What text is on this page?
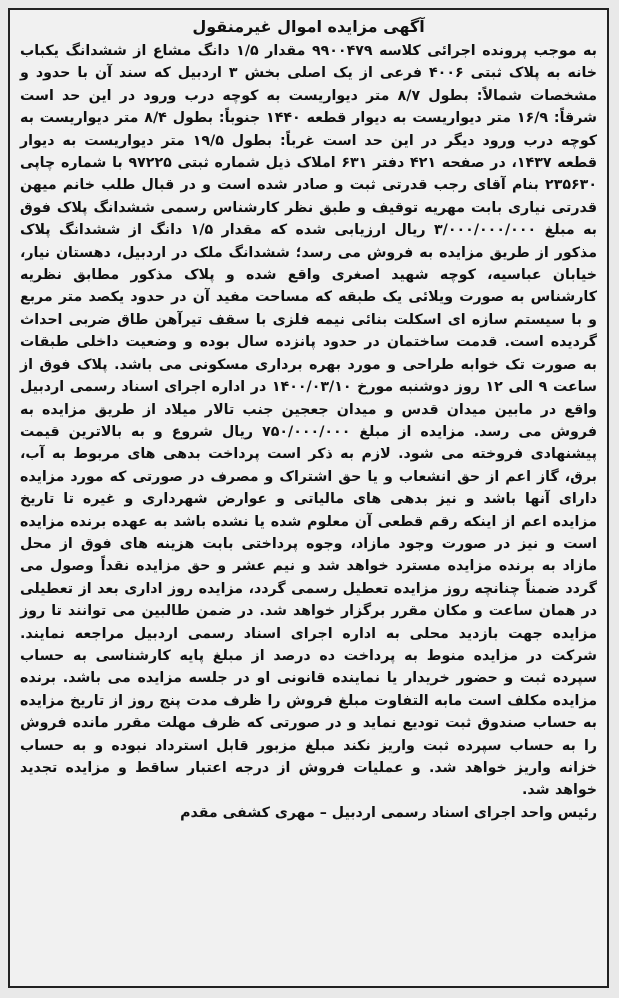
آگهی مزایده اموال غیرمنقول

به موجب پرونده اجرائی کلاسه ۹۹۰۰۴۷۹ مقدار ۱/۵ دانگ مشاع از ششدانگ یکباب خانه به پلاک ثبتی ۴۰۰۶ فرعی از یک اصلی بخش ۳ اردبیل که سند آن با حدود و مشخصات شمالاً: بطول ۸/۷ متر دیواریست به کوچه درب ورود در این حد است شرقاً: ۱۶/۹ متر دیواریست به دیوار قطعه ۱۴۴۰ جنوباً: بطول ۸/۴ متر دیواریست به کوچه درب ورود دیگر در این حد است غرباً: بطول ۱۹/۵ متر دیواریست به دیوار قطعه ۱۴۳۷، در صفحه ۴۲۱ دفتر ۶۳۱ املاک ذیل شماره ثبتی ۹۷۲۲۵ با شماره چاپی ۲۳۵۶۳۰ بنام آقای رجب قدرتی ثبت و صادر شده است و در قبال طلب خانم میهن قدرتی نیاری بابت مهریه توقیف و طبق نظر کارشناس رسمی ششدانگ پلاک فوق به مبلغ ۳/۰۰۰/۰۰۰/۰۰۰ ریال ارزیابی شده که مقدار ۱/۵ دانگ از ششدانگ پلاک مذکور از طریق مزایده به فروش می رسد؛ ششدانگ ملک در اردبیل، دهستان نیار، خیابان عباسیه، کوچه شهید اصغری واقع شده و پلاک مذکور مطابق نظریه کارشناس به صورت ویلائی یک طبقه که مساحت مفید آن در حدود یکصد متر مربع و با سیستم سازه ای اسکلت بنائی نیمه فلزی با سقف تیرآهن طاق ضربی احداث گردیده است. قدمت ساختمان در حدود پانزده سال بوده و وضعیت داخلی طبقات به صورت تک خوابه طراحی و مورد بهره برداری مسکونی می باشد. پلاک فوق از ساعت ۹ الی ۱۲ روز دوشنبه مورخ ۱۴۰۰/۰۳/۱۰ در اداره اجرای اسناد رسمی اردبیل واقع در مابین میدان قدس و میدان جعجین جنب تالار میلاد از طریق مزایده به فروش می رسد. مزایده از مبلغ ۷۵۰/۰۰۰/۰۰۰ ریال شروع و به بالاترین قیمت پیشنهادی فروخته می شود. لازم به ذکر است پرداخت بدهی های مربوط به آب، برق، گاز اعم از حق انشعاب و یا حق اشتراک و مصرف در صورتی که مورد مزایده دارای آنها باشد و نیز بدهی های مالیاتی و عوارض شهرداری و غیره تا تاریخ مزایده اعم از اینکه رقم قطعی آن معلوم شده یا نشده باشد به عهده برنده مزایده است و نیز در صورت وجود مازاد، وجوه پرداختی بابت هزینه های فوق از محل مازاد به برنده مزایده مسترد خواهد شد و نیم عشر و حق مزایده نقداً وصول می گردد ضمناً چنانچه روز مزایده تعطیل رسمی گردد، مزایده روز اداری بعد از تعطیلی در همان ساعت و مکان مقرر برگزار خواهد شد. در ضمن طالبین می توانند تا روز مزایده جهت بازدید محلی به اداره اجرای اسناد رسمی اردبیل مراجعه نمایند. شرکت در مزایده منوط به پرداخت ده درصد از مبلغ پایه کارشناسی به حساب سپرده ثبت و حضور خریدار یا نماینده قانونی او در جلسه مزایده می باشد. برنده مزایده مکلف است مابه التفاوت مبلغ فروش را ظرف مدت پنج روز از تاریخ مزایده به حساب صندوق ثبت تودیع نماید و در صورتی که ظرف مهلت مقرر مانده فروش را به حساب سپرده ثبت واریز نکند مبلغ مزبور قابل استرداد نبوده و به حساب خزانه واریز خواهد شد. و عملیات فروش از درجه اعتبار ساقط و مزایده تجدید خواهد شد.

رئیس واحد اجرای اسناد رسمی اردبیل – مهری کشفی مقدم
